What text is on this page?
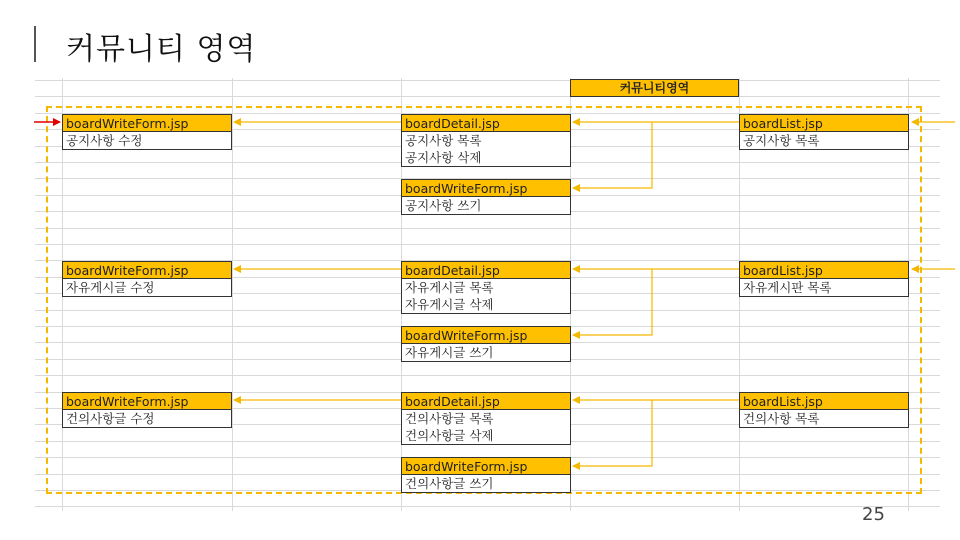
커뮤니티 영역
커뮤니티영역
boardWriteForm.jsp
공지사항 수정
boardDetail.jsp
공지사항 목록
공지사항 삭제
boardWriteForm.jsp
공지사항 쓰기
boardList.jsp
공지사항 목록
boardWriteForm.jsp
자유게시글 수정
boardDetail.jsp
자유게시글 목록
자유게시글 삭제
boardWriteForm.jsp
자유게시글 쓰기
boardList.jsp
자유게시판 목록
boardWriteForm.jsp
건의사항글 수정
boardDetail.jsp
건의사항글 목록
건의사항글 삭제
boardWriteForm.jsp
건의사항글 쓰기
boardList.jsp
건의사항 목록
25
